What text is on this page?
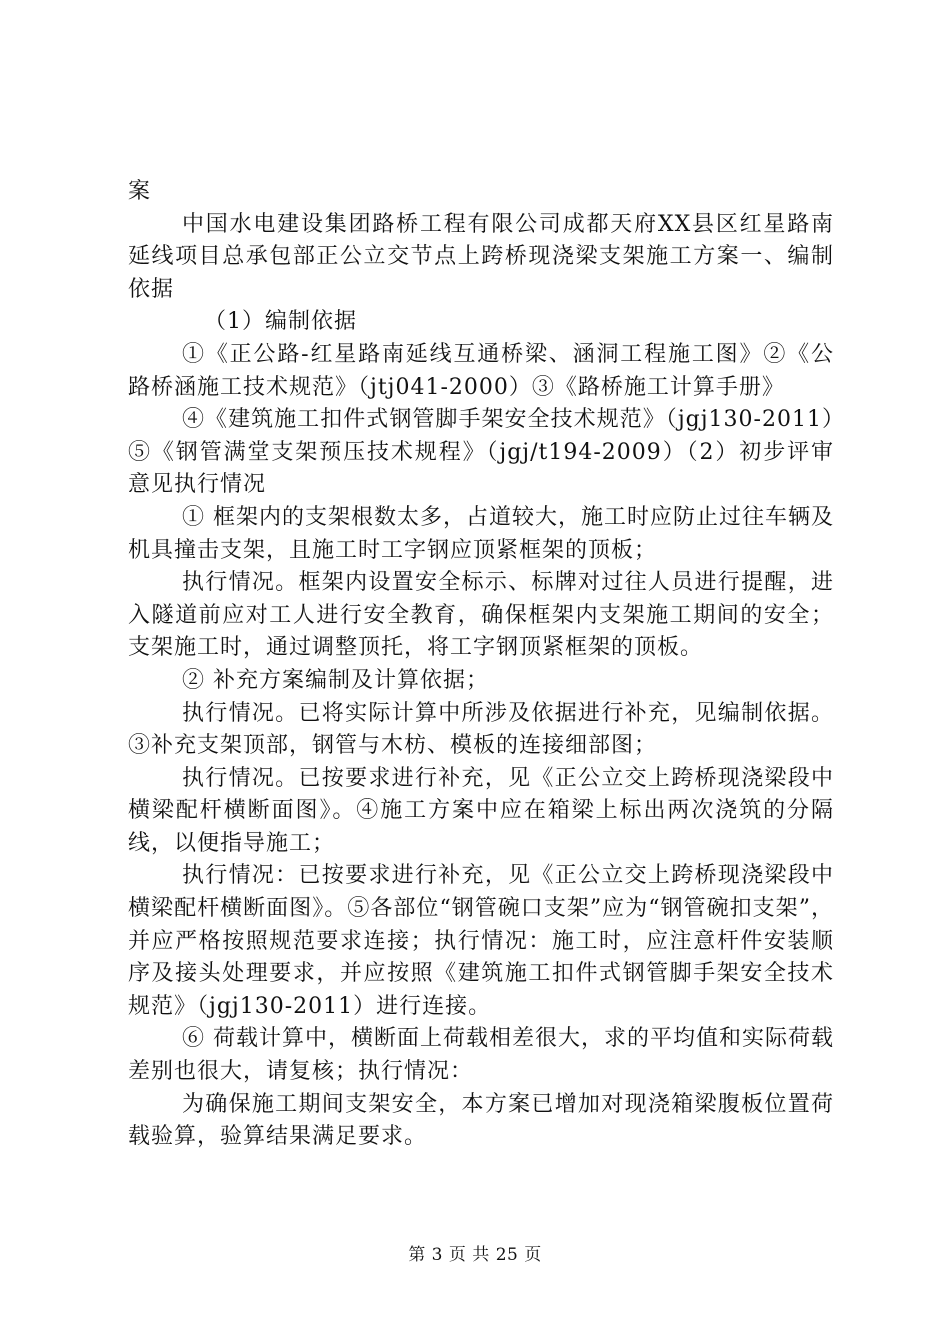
案

中国水电建设集团路桥工程有限公司成都天府XX县区红星路南延线项目总承包部正公立交节点上跨桥现浇梁支架施工方案一、编制依据

（1）编制依据

①《正公路-红星路南延线互通桥梁、涵洞工程施工图》②《公路桥涵施工技术规范》（jtj041-2000）③《路桥施工计算手册》

④《建筑施工扣件式钢管脚手架安全技术规范》（jgj130-2011）⑤《钢管满堂支架预压技术规程》（jgj/t194-2009）（2）初步评审意见执行情况

① 框架内的支架根数太多，占道较大，施工时应防止过往车辆及机具撞击支架，且施工时工字钢应顶紧框架的顶板；

执行情况。框架内设置安全标示、标牌对过往人员进行提醒，进入隧道前应对工人进行安全教育，确保框架内支架施工期间的安全；支架施工时，通过调整顶托，将工字钢顶紧框架的顶板。

② 补充方案编制及计算依据；

执行情况。已将实际计算中所涉及依据进行补充，见编制依据。③补充支架顶部，钢管与木枋、模板的连接细部图；

执行情况。已按要求进行补充，见《正公立交上跨桥现浇梁段中横梁配杆横断面图》。④施工方案中应在箱梁上标出两次浇筑的分隔线，以便指导施工；

执行情况：已按要求进行补充，见《正公立交上跨桥现浇梁段中横梁配杆横断面图》。⑤各部位“钢管碗口支架”应为“钢管碗扣支架”，并应严格按照规范要求连接；执行情况：施工时，应注意杆件安装顺序及接头处理要求，并应按照《建筑施工扣件式钢管脚手架安全技术规范》（jgj130-2011）进行连接。

⑥ 荷载计算中，横断面上荷载相差很大，求的平均值和实际荷载差别也很大，请复核；执行情况：

为确保施工期间支架安全，本方案已增加对现浇箱梁腹板位置荷载验算，验算结果满足要求。

第 3 页 共 25 页
